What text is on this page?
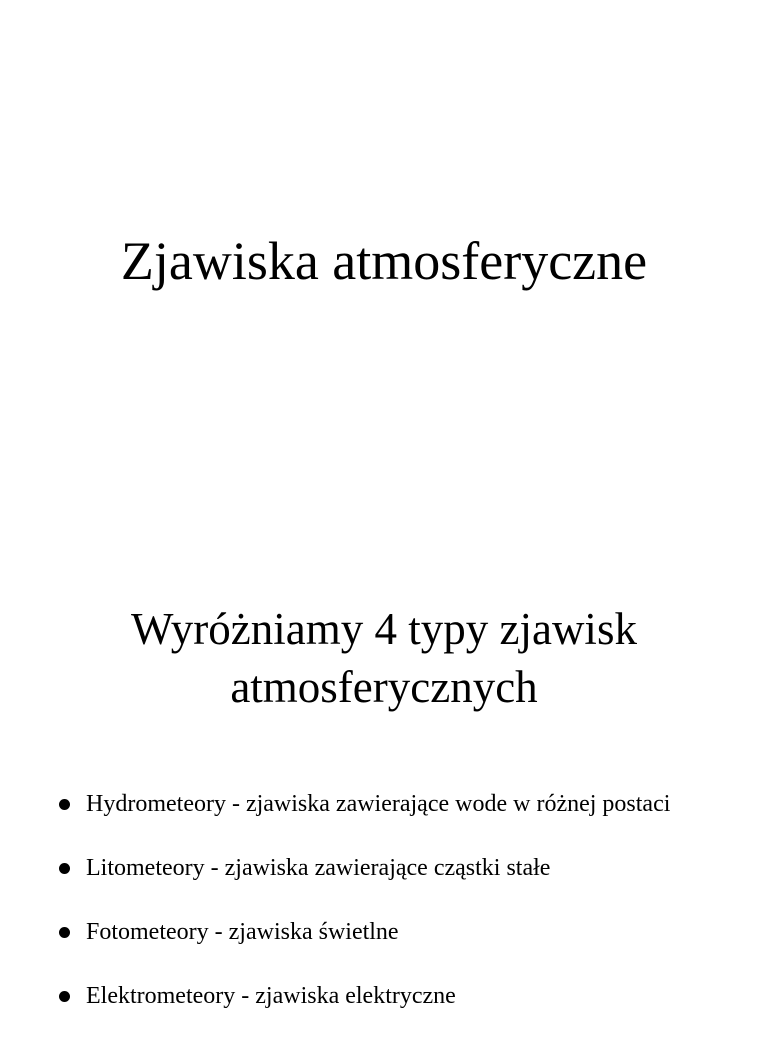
Zjawiska atmosferyczne
Wyróżniamy 4 typy zjawisk atmosferycznych
Hydrometeory - zjawiska zawierające wode w różnej postaci
Litometeory - zjawiska zawierające cząstki stałe
Fotometeory - zjawiska świetlne
Elektrometeory - zjawiska elektryczne
